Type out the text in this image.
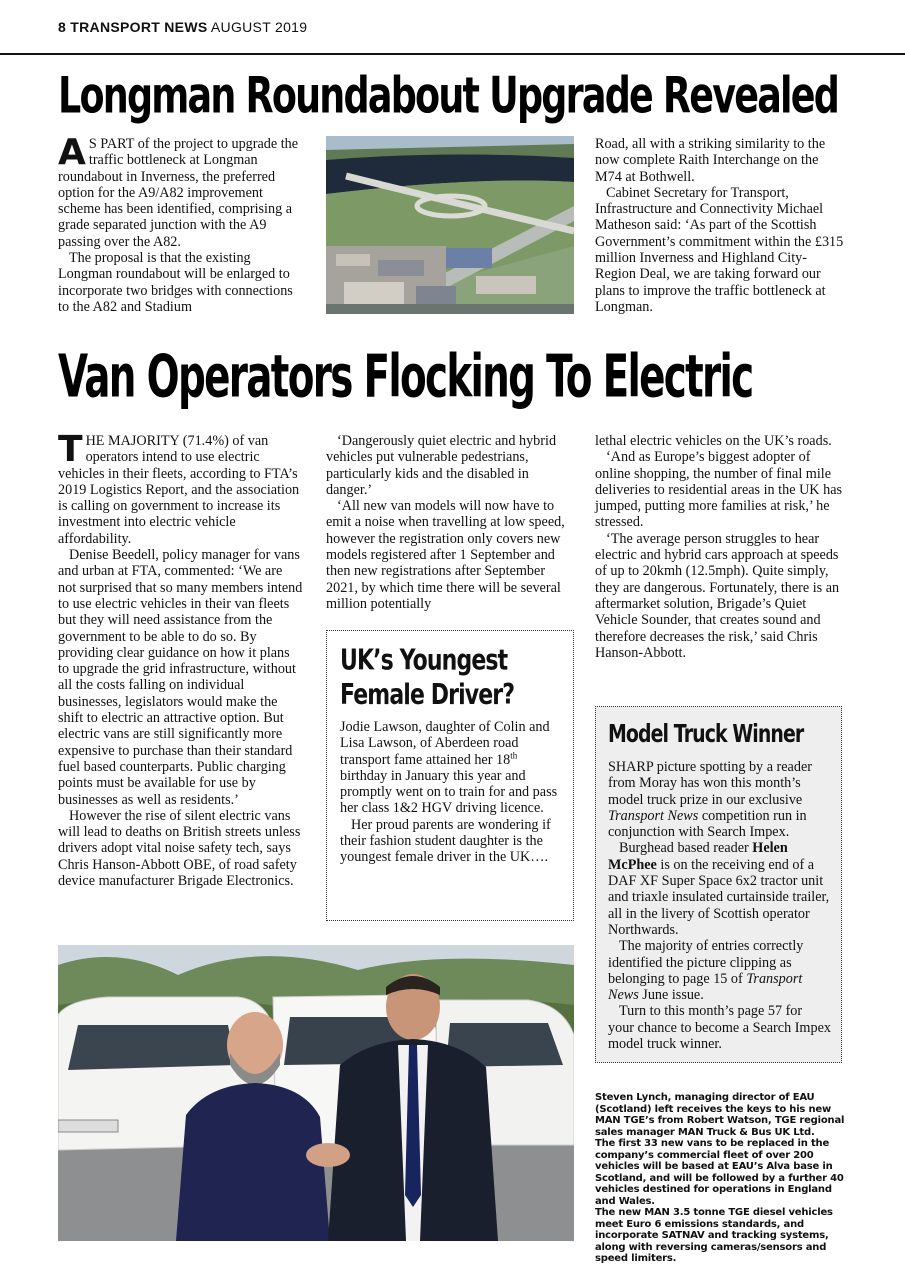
8 TRANSPORT NEWS AUGUST 2019
Longman Roundabout Upgrade Revealed

A S PART of the project to upgrade the traffic bottleneck at Longman roundabout in Inverness, the preferred option for the A9/A82 improvement scheme has been identified, comprising a grade separated junction with the A9 passing over the A82.

The proposal is that the existing Longman roundabout will be enlarged to incorporate two bridges with connections to the A82 and Stadium

Road, all with a striking similarity to the now complete Raith Interchange on the M74 at Bothwell.

Cabinet Secretary for Transport, Infrastructure and Connectivity Michael Matheson said: ‘As part of the Scottish Government’s commitment within the £315 million Inverness and Highland City-Region Deal, we are taking forward our plans to improve the traffic bottleneck at Longman.

Van Operators Flocking To Electric

THE MAJORITY (71.4%) of van operators intend to use electric vehicles in their fleets, according to FTA’s 2019 Logistics Report, and the association is calling on government to increase its investment into electric vehicle affordability.

Denise Beedell, policy manager for vans and urban at FTA, commented: ‘We are not surprised that so many members intend to use electric vehicles in their van fleets but they will need assistance from the government to be able to do so. By providing clear guidance on how it plans to upgrade the grid infrastructure, without all the costs falling on individual businesses, legislators would make the shift to electric an attractive option. But electric vans are still significantly more expensive to purchase than their standard fuel based counterparts. Public charging points must be available for use by businesses as well as residents.’

However the rise of silent electric vans will lead to deaths on British streets unless drivers adopt vital noise safety tech, says Chris Hanson-Abbott OBE, of road safety device manufacturer Brigade Electronics.

‘Dangerously quiet electric and hybrid vehicles put vulnerable pedestrians, particularly kids and the disabled in danger.’

‘All new van models will now have to emit a noise when travelling at low speed, however the registration only covers new models registered after 1 September and then new registrations after September 2021, by which time there will be several million potentially

UK’s Youngest
Female Driver?

Jodie Lawson, daughter of Colin and Lisa Lawson, of Aberdeen road transport fame attained her 18th birthday in January this year and promptly went on to train for and pass her class 1&2 HGV driving licence.

Her proud parents are wondering if their fashion student daughter is the youngest female driver in the UK….

lethal electric vehicles on the UK’s roads.

‘And as Europe’s biggest adopter of online shopping, the number of final mile deliveries to residential areas in the UK has jumped, putting more families at risk,’ he stressed.

‘The average person struggles to hear electric and hybrid cars approach at speeds of up to 20kmh (12.5mph). Quite simply, they are dangerous. Fortunately, there is an aftermarket solution, Brigade’s Quiet Vehicle Sounder, that creates sound and therefore decreases the risk,’ said Chris Hanson-Abbott.

Model Truck Winner

SHARP picture spotting by a reader from Moray has won this month’s model truck prize in our exclusive Transport News competition run in conjunction with Search Impex.

Burghead based reader Helen McPhee is on the receiving end of a DAF XF Super Space 6x2 tractor unit and triaxle insulated curtainside trailer, all in the livery of Scottish operator Northwards.

The majority of entries correctly identified the picture clipping as belonging to page 15 of Transport News June issue.

Turn to this month’s page 57 for your chance to become a Search Impex model truck winner.

Steven Lynch, managing director of EAU (Scotland) left receives the keys to his new MAN TGE’s from Robert Watson, TGE regional sales manager MAN Truck & Bus UK Ltd.
The first 33 new vans to be replaced in the company’s commercial fleet of over 200 vehicles will be based at EAU’s Alva base in Scotland, and will be followed by a further 40 vehicles destined for operations in England and Wales.
The new MAN 3.5 tonne TGE diesel vehicles meet Euro 6 emissions standards, and incorporate SATNAV and tracking systems, along with reversing cameras/sensors and speed limiters.
